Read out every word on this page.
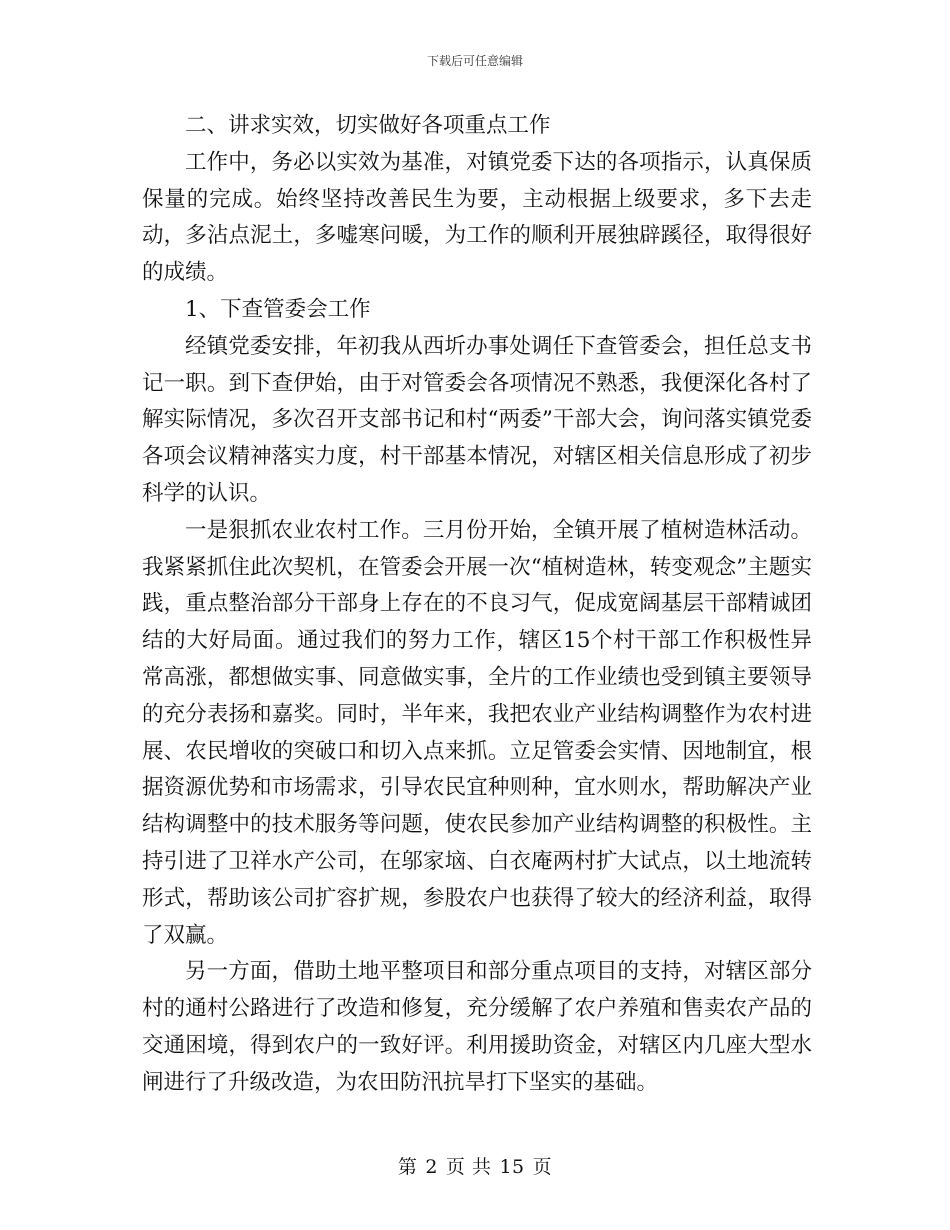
下载后可任意编辑

二、讲求实效，切实做好各项重点工作

工作中，务必以实效为基准，对镇党委下达的各项指示，认真保质保量的完成。始终坚持改善民生为要，主动根据上级要求，多下去走动，多沾点泥土，多嘘寒问暖，为工作的顺利开展独辟蹊径，取得很好的成绩。

1、下查管委会工作

经镇党委安排，年初我从西圻办事处调任下查管委会，担任总支书记一职。到下查伊始，由于对管委会各项情况不熟悉，我便深化各村了解实际情况，多次召开支部书记和村“两委”干部大会，询问落实镇党委各项会议精神落实力度，村干部基本情况，对辖区相关信息形成了初步科学的认识。

一是狠抓农业农村工作。三月份开始，全镇开展了植树造林活动。我紧紧抓住此次契机，在管委会开展一次“植树造林，转变观念”主题实践，重点整治部分干部身上存在的不良习气，促成宽阔基层干部精诚团结的大好局面。通过我们的努力工作，辖区15个村干部工作积极性异常高涨，都想做实事、同意做实事，全片的工作业绩也受到镇主要领导的充分表扬和嘉奖。同时，半年来，我把农业产业结构调整作为农村进展、农民增收的突破口和切入点来抓。立足管委会实情、因地制宜，根据资源优势和市场需求，引导农民宜种则种，宜水则水，帮助解决产业结构调整中的技术服务等问题，使农民参加产业结构调整的积极性。主持引进了卫祥水产公司，在邬家垴、白衣庵两村扩大试点，以土地流转形式，帮助该公司扩容扩规，参股农户也获得了较大的经济利益，取得了双赢。

另一方面，借助土地平整项目和部分重点项目的支持，对辖区部分村的通村公路进行了改造和修复，充分缓解了农户养殖和售卖农产品的交通困境，得到农户的一致好评。利用援助资金，对辖区内几座大型水闸进行了升级改造，为农田防汛抗旱打下坚实的基础。

第 2 页 共 15 页
